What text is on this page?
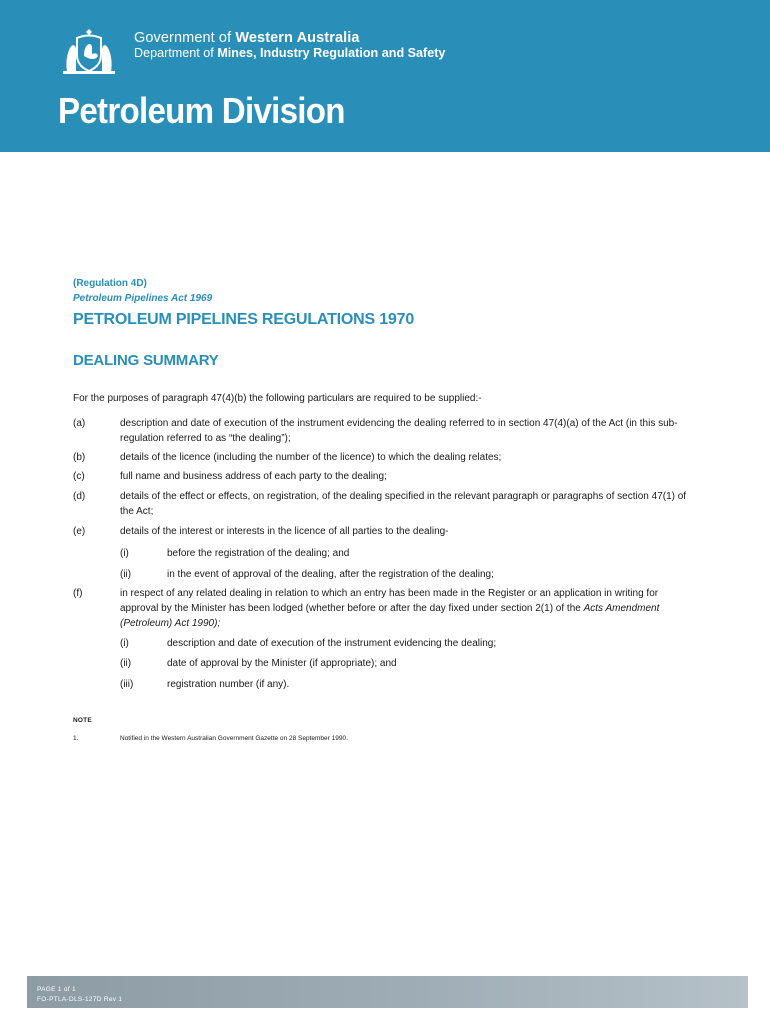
Government of Western Australia
Department of Mines, Industry Regulation and Safety
Petroleum Division
(Regulation 4D)
Petroleum Pipelines Act 1969
PETROLEUM PIPELINES REGULATIONS 1970
DEALING SUMMARY
For the purposes of paragraph 47(4)(b) the following particulars are required to be supplied:-
(a)	description and date of execution of the instrument evidencing the dealing referred to in section 47(4)(a) of the Act (in this sub-regulation referred to as “the dealing”);
(b)	details of the licence (including the number of the licence) to which the dealing relates;
(c)	full name and business address of each party to the dealing;
(d)	details of the effect or effects, on registration, of the dealing specified in the relevant paragraph or paragraphs of section 47(1) of the Act;
(e)	details of the interest or interests in the licence of all parties to the dealing-
(i)	before the registration of the dealing; and
(ii)	in the event of approval of the dealing, after the registration of the dealing;
(f)	in respect of any related dealing in relation to which an entry has been made in the Register or an application in writing for approval by the Minister has been lodged (whether before or after the day fixed under section 2(1) of the Acts Amendment (Petroleum) Act 1990);
(i)	description and date of execution of the instrument evidencing the dealing;
(ii)	date of approval by the Minister (if appropriate); and
(iii)	registration number (if any).
NOTE
1.	Notified in the Western Australian Government Gazette on 28 September 1990.
PAGE 1 of 1
FO-PTLA-DLS-127D Rev 1
